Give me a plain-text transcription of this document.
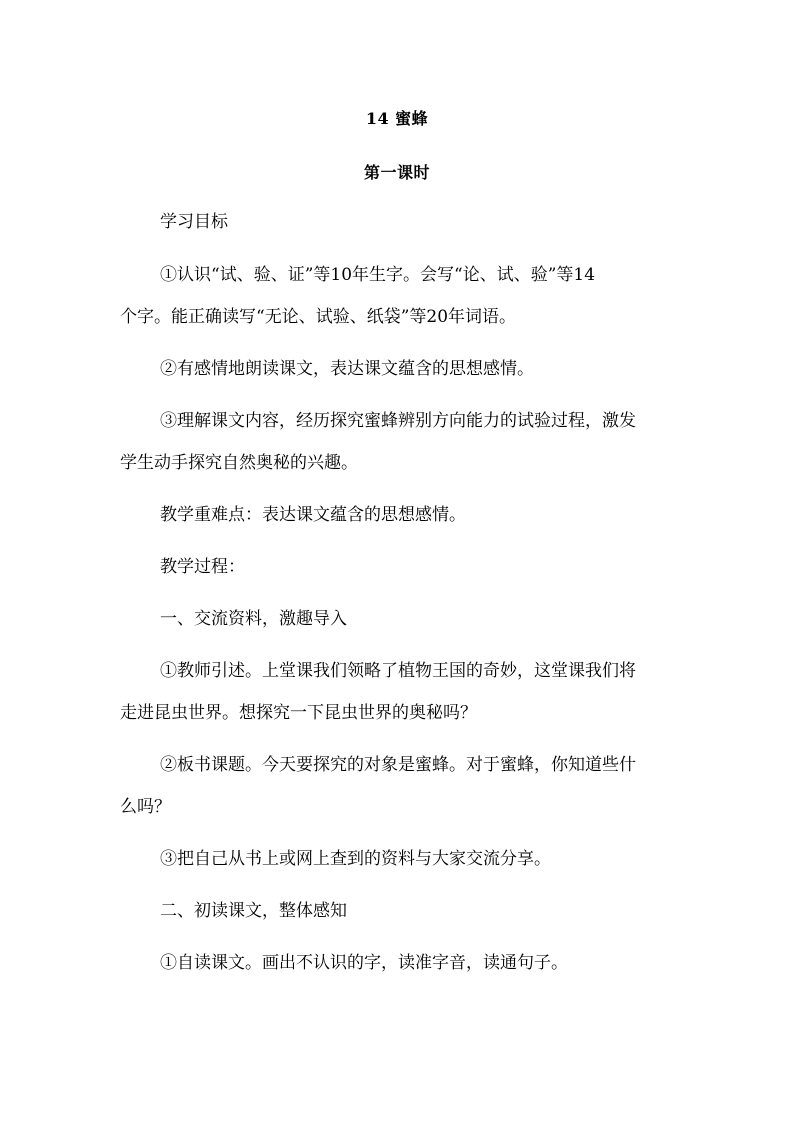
14 蜜蜂
第一课时
学习目标
①认识“试、验、证”等10年生字。会写“论、试、验”等14
个字。能正确读写“无论、试验、纸袋”等20年词语。
②有感情地朗读课文，表达课文蕴含的思想感情。
③理解课文内容，经历探究蜜蜂辨别方向能力的试验过程，激发
学生动手探究自然奥秘的兴趣。
教学重难点：表达课文蕴含的思想感情。
教学过程：
一、交流资料，激趣导入
①教师引述。上堂课我们领略了植物王国的奇妙，这堂课我们将
走进昆虫世界。想探究一下昆虫世界的奥秘吗？
②板书课题。今天要探究的对象是蜜蜂。对于蜜蜂，你知道些什
么吗？
③把自己从书上或网上查到的资料与大家交流分享。
二、初读课文，整体感知
①自读课文。画出不认识的字，读准字音，读通句子。
